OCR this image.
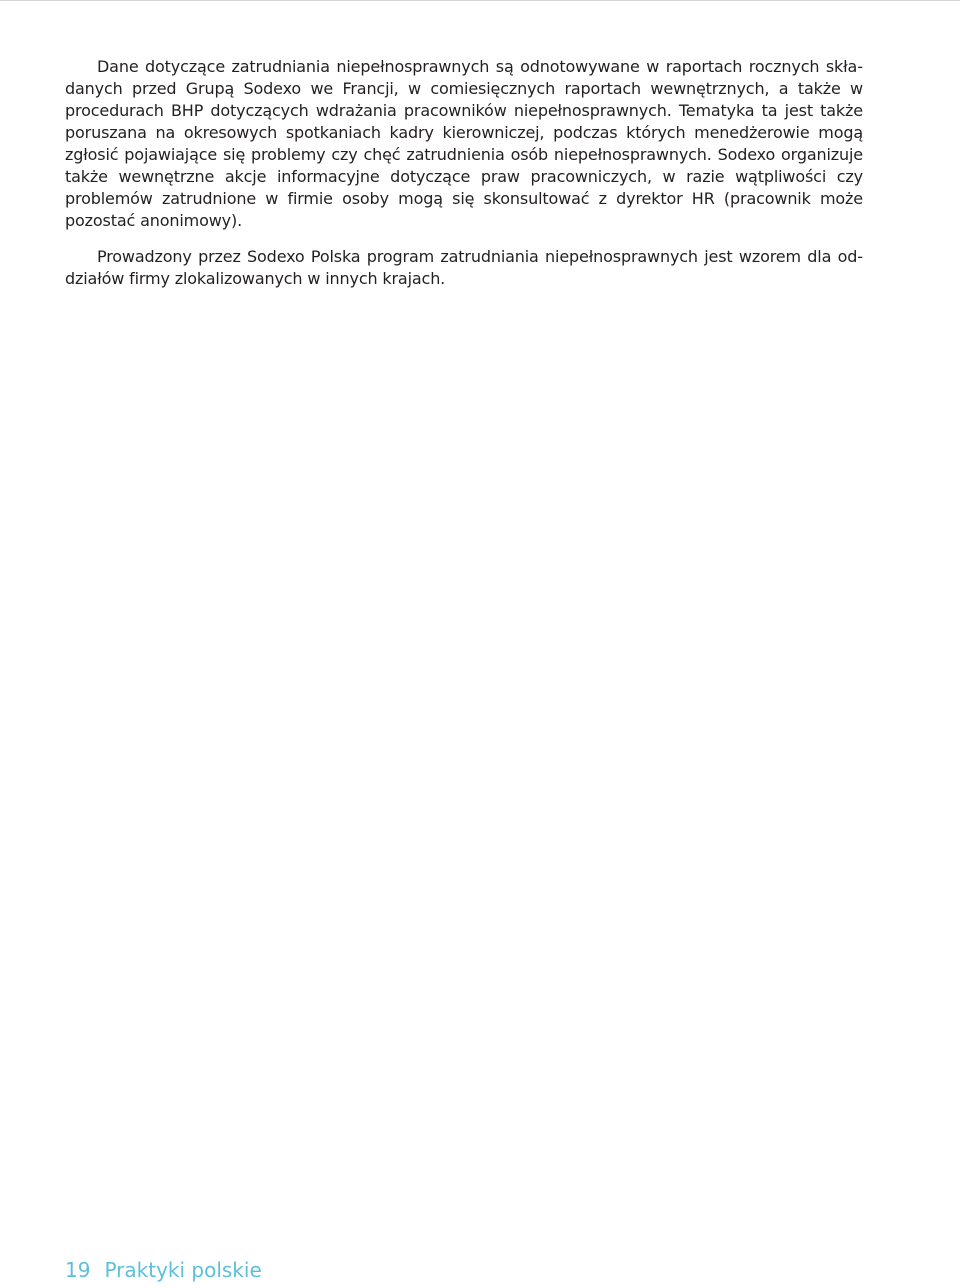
Dane dotyczące zatrudniania niepełnosprawnych są odnotowywane w raportach rocznych składanych przed Grupą Sodexo we Francji, w comiesięcznych raportach wewnętrznych, a także w procedurach BHP dotyczących wdrażania pracowników niepełnosprawnych. Tematyka ta jest także poruszana na okresowych spotkaniach kadry kierowniczej, podczas których menedżerowie mogą zgłosić pojawiające się problemy czy chęć zatrudnienia osób niepełnosprawnych. Sodexo organizuje także wewnętrzne akcje informacyjne dotyczące praw pracowniczych, w razie wątpliwości czy problemów zatrudnione w firmie osoby mogą się skonsultować z dyrektor HR (pracownik może pozostać anonimowy).

Prowadzony przez Sodexo Polska program zatrudniania niepełnosprawnych jest wzorem dla oddziałów firmy zlokalizowanych w innych krajach.

19 Praktyki polskie
